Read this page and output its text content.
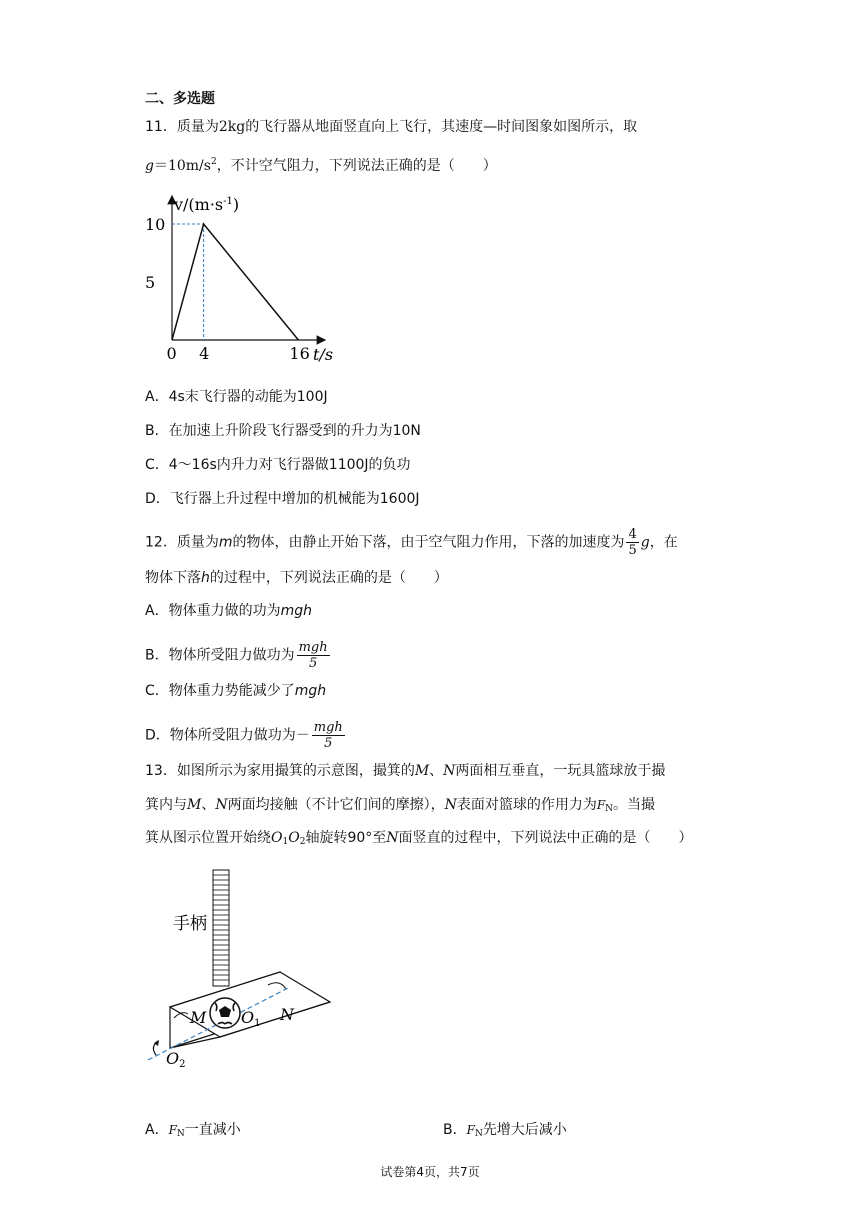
二、多选题
11．质量为2kg的飞行器从地面竖直向上飞行，其速度—时间图象如图所示，取
$g=10m/s^2$，不计空气阻力，下列说法正确的是（　　）
10
5
0 4	16
$v/(m\cdot s^{-1})$
t/s
A．4s末飞行器的动能为100J
B．在加速上升阶段飞行器受到的升力为10N
C．4～16s内升力对飞行器做1100J的负功
D．飞行器上升过程中增加的机械能为1600J
12．质量为m的物体，由静止开始下落，由于空气阻力作用，下落的加速度为 $\frac{4}{5}$ g，在
物体下落h的过程中，下列说法正确的是（　　）
A．物体重力做的功为mgh
B．物体所受阻力做功为 $\frac{\text{mgh}}{5}$
C．物体重力势能减少了mgh
D．物体所受阻力做功为－ $\frac{\text{mgh}}{5}$
13．如图所示为家用撮箕的示意图，撮箕的M、N两面相互垂直，一玩具篮球放于撮
箕内与M、N两面均接触（不计它们间的摩擦），N表面对篮球的作用力为$F_N$。当撮
箕从图示位置开始绕$O_1O_2$轴旋转90°至N面竖直的过程中，下列说法中正确的是（　　）
手柄
M O1 N
O2
A．$F_N$一直减小	B．$F_N$先增大后减小
试卷第4页，共7页
